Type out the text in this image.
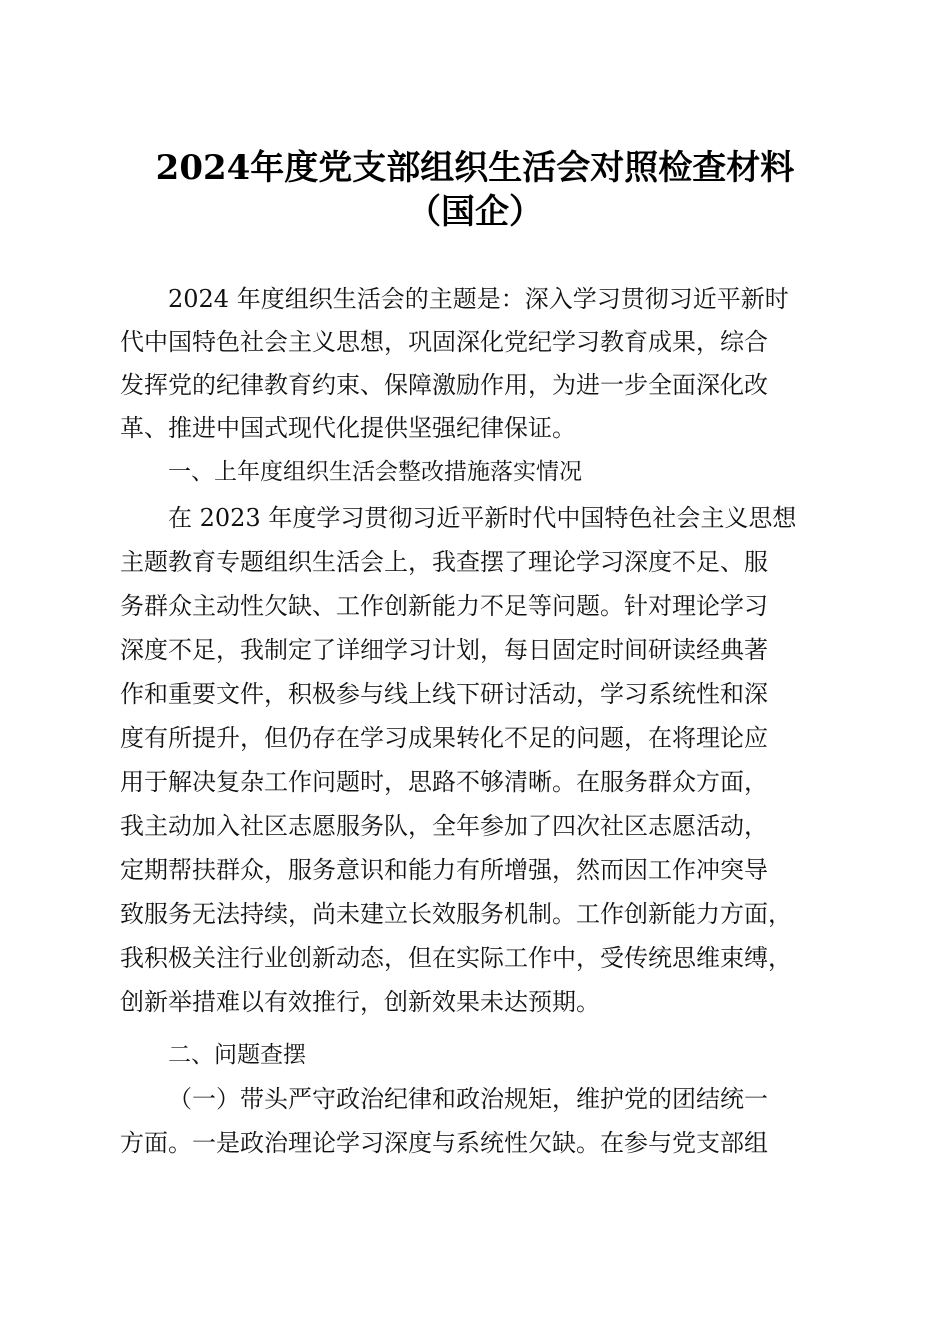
2024年度党支部组织生活会对照检查材料
（国企）
2024 年度组织生活会的主题是：深入学习贯彻习近平新时
代中国特色社会主义思想，巩固深化党纪学习教育成果，综合
发挥党的纪律教育约束、保障激励作用，为进一步全面深化改
革、推进中国式现代化提供坚强纪律保证。
一、上年度组织生活会整改措施落实情况
在 2023 年度学习贯彻习近平新时代中国特色社会主义思想
主题教育专题组织生活会上，我查摆了理论学习深度不足、服
务群众主动性欠缺、工作创新能力不足等问题。针对理论学习
深度不足，我制定了详细学习计划，每日固定时间研读经典著
作和重要文件，积极参与线上线下研讨活动，学习系统性和深
度有所提升，但仍存在学习成果转化不足的问题，在将理论应
用于解决复杂工作问题时，思路不够清晰。在服务群众方面，
我主动加入社区志愿服务队，全年参加了四次社区志愿活动，
定期帮扶群众，服务意识和能力有所增强，然而因工作冲突导
致服务无法持续，尚未建立长效服务机制。工作创新能力方面，
我积极关注行业创新动态，但在实际工作中，受传统思维束缚，
创新举措难以有效推行，创新效果未达预期。
二、问题查摆
（一）带头严守政治纪律和政治规矩，维护党的团结统一
方面。一是政治理论学习深度与系统性欠缺。在参与党支部组
